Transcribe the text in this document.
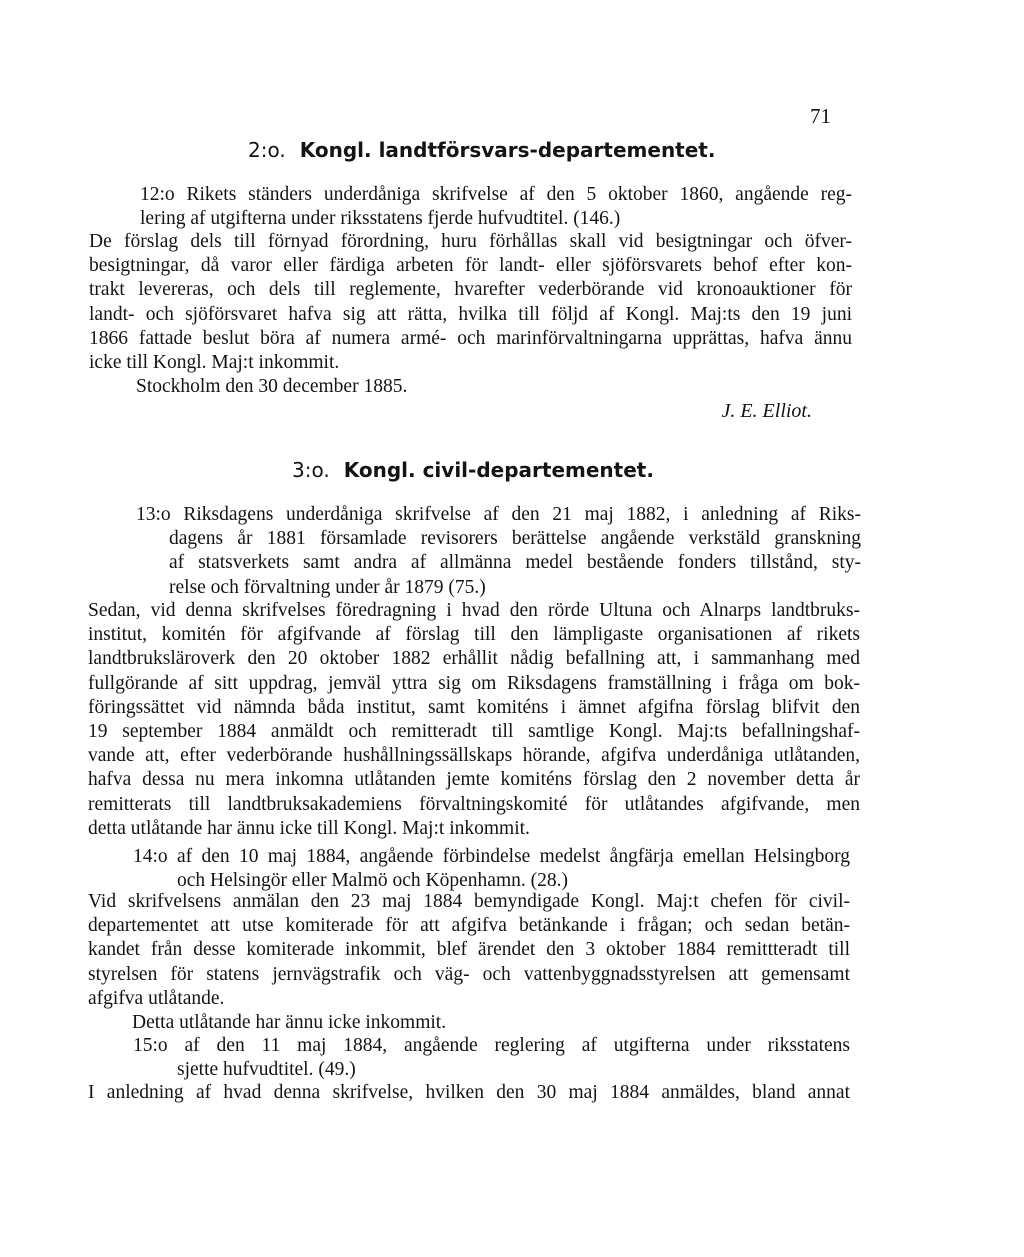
71
2:o. Kongl. landtförsvars-departementet.
12:o Rikets ständers underdåniga skrifvelse af den 5 oktober 1860, angående reg-
lering af utgifterna under riksstatens fjerde hufvudtitel. (146.)
De förslag dels till förnyad förordning, huru förhållas skall vid besigtningar och öfver-
besigtningar, då varor eller färdiga arbeten för landt- eller sjöförsvarets behof efter kon-
trakt levereras, och dels till reglemente, hvarefter vederbörande vid kronoauktioner för
landt- och sjöförsvaret hafva sig att rätta, hvilka till följd af Kongl. Maj:ts den 19 juni
1866 fattade beslut böra af numera armé- och marinförvaltningarna upprättas, hafva ännu
icke till Kongl. Maj:t inkommit.
Stockholm den 30 december 1885.
J. E. Elliot.
3:o. Kongl. civil-departementet.
13:o Riksdagens underdåniga skrifvelse af den 21 maj 1882, i anledning af Riks-
dagens år 1881 församlade revisorers berättelse angående verkstäld granskning
af statsverkets samt andra af allmänna medel bestående fonders tillstånd, sty-
relse och förvaltning under år 1879 (75.)
Sedan, vid denna skrifvelses föredragning i hvad den rörde Ultuna och Alnarps landtbruks-
institut, komitén för afgifvande af förslag till den lämpligaste organisationen af rikets
landtbruksläroverk den 20 oktober 1882 erhållit nådig befallning att, i sammanhang med
fullgörande af sitt uppdrag, jemväl yttra sig om Riksdagens framställning i fråga om bok-
föringssättet vid nämnda båda institut, samt komiténs i ämnet afgifna förslag blifvit den
19 september 1884 anmäldt och remitteradt till samtlige Kongl. Maj:ts befallningshaf-
vande att, efter vederbörande hushållningssällskaps hörande, afgifva underdåniga utlåtanden,
hafva dessa nu mera inkomna utlåtanden jemte komiténs förslag den 2 november detta år
remitterats till landtbruksakademiens förvaltningskomité för utlåtandes afgifvande, men
detta utlåtande har ännu icke till Kongl. Maj:t inkommit.
14:o af den 10 maj 1884, angående förbindelse medelst ångfärja emellan Helsingborg
och Helsingör eller Malmö och Köpenhamn. (28.)
Vid skrifvelsens anmälan den 23 maj 1884 bemyndigade Kongl. Maj:t chefen för civil-
departementet att utse komiterade för att afgifva betänkande i frågan; och sedan betän-
kandet från desse komiterade inkommit, blef ärendet den 3 oktober 1884 remittteradt till
styrelsen för statens jernvägstrafik och väg- och vattenbyggnadsstyrelsen att gemensamt
afgifva utlåtande.
Detta utlåtande har ännu icke inkommit.
15:o af den 11 maj 1884, angående reglering af utgifterna under riksstatens
sjette hufvudtitel. (49.)
I anledning af hvad denna skrifvelse, hvilken den 30 maj 1884 anmäldes, bland annat
